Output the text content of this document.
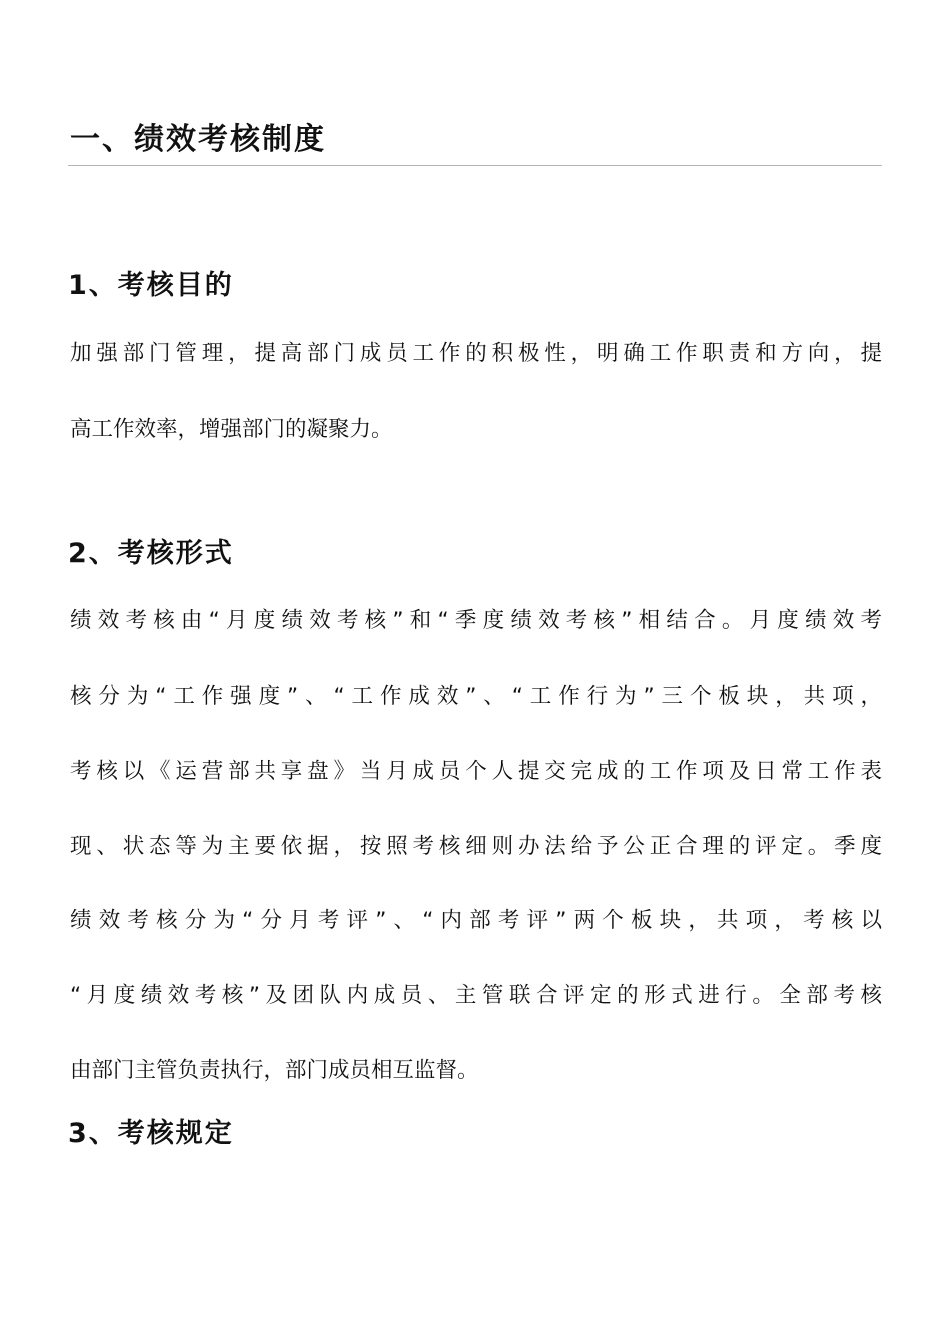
一、绩效考核制度
1、考核目的

加强部门管理，提高部门成员工作的积极性，明确工作职责和方向，提

高工作效率，增强部门的凝聚力。

2、考核形式

绩效考核由“月度绩效考核”和“季度绩效考核”相结合。月度绩效考

核分为“工作强度”、“工作成效”、“工作行为”三个板块，共项，

考核以《运营部共享盘》当月成员个人提交完成的工作项及日常工作表

现、状态等为主要依据，按照考核细则办法给予公正合理的评定。季度

绩效考核分为“分月考评”、“内部考评”两个板块，共项，考核以

“月度绩效考核”及团队内成员、主管联合评定的形式进行。全部考核

由部门主管负责执行，部门成员相互监督。

3、考核规定
